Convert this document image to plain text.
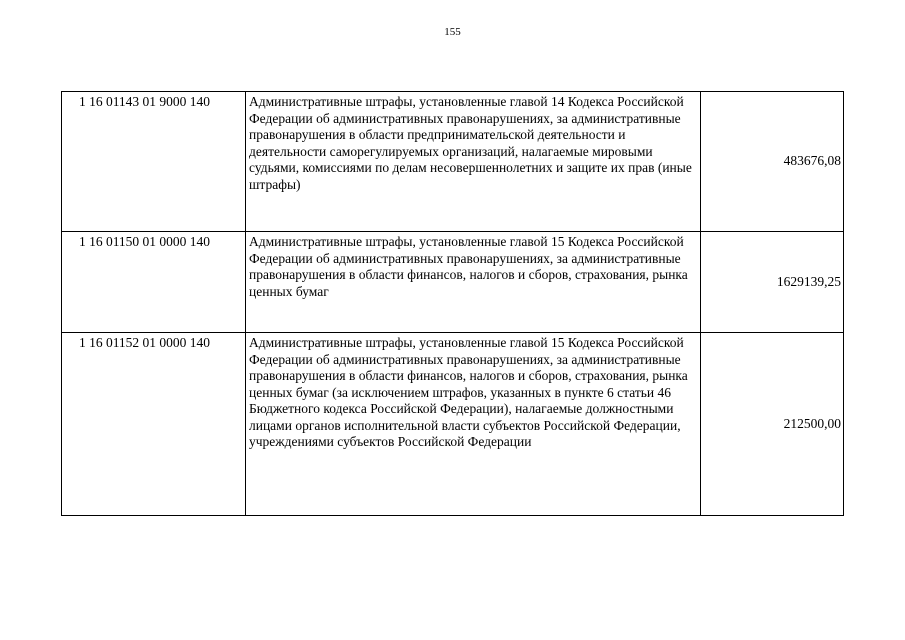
155
1 16 01143 01 9000 140	Административные штрафы, установленные главой 14 Кодекса Российской Федерации об административных правонарушениях, за административные правонарушения в области предпринимательской деятельности и деятельности саморегулируемых организаций, налагаемые мировыми судьями, комиссиями по делам несовершеннолетних и защите их прав (иные штрафы)	483676,08
1 16 01150 01 0000 140	Административные штрафы, установленные главой 15 Кодекса Российской Федерации об административных правонарушениях, за административные правонарушения в области финансов, налогов и сборов, страхования, рынка ценных бумаг	1629139,25
1 16 01152 01 0000 140	Административные штрафы, установленные главой 15 Кодекса Российской Федерации об административных правонарушениях, за административные правонарушения в области финансов, налогов и сборов, страхования, рынка ценных бумаг (за исключением штрафов, указанных в пункте 6 статьи 46 Бюджетного кодекса Российской Федерации), налагаемые должностными лицами органов исполнительной власти субъектов Российской Федерации, учреждениями субъектов Российской Федерации	212500,00
